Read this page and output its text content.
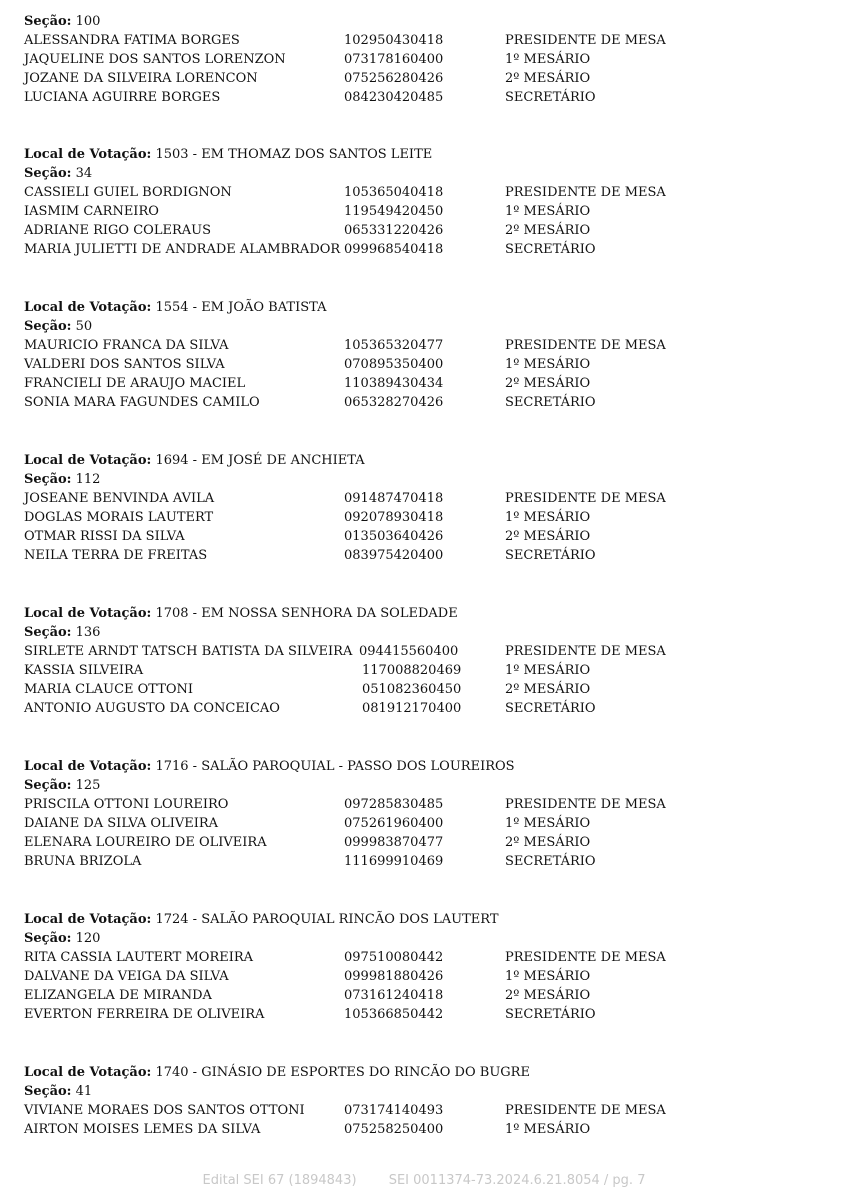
Seção: 100
ALESSANDRA FATIMA BORGES	102950430418	PRESIDENTE DE MESA
JAQUELINE DOS SANTOS LORENZON	073178160400	1º MESÁRIO
JOZANE DA SILVEIRA LORENCON	075256280426	2º MESÁRIO
LUCIANA AGUIRRE BORGES	084230420485	SECRETÁRIO
Local de Votação: 1503 - EM THOMAZ DOS SANTOS LEITE
Seção: 34
CASSIELI GUIEL BORDIGNON	105365040418	PRESIDENTE DE MESA
IASMIM CARNEIRO	119549420450	1º MESÁRIO
ADRIANE RIGO COLERAUS	065331220426	2º MESÁRIO
MARIA JULIETTI DE ANDRADE ALAMBRADOR 099968540418	SECRETÁRIO
Local de Votação: 1554 - EM JOÃO BATISTA
Seção: 50
MAURICIO FRANCA DA SILVA	105365320477	PRESIDENTE DE MESA
VALDERI DOS SANTOS SILVA	070895350400	1º MESÁRIO
FRANCIELI DE ARAUJO MACIEL	110389430434	2º MESÁRIO
SONIA MARA FAGUNDES CAMILO	065328270426	SECRETÁRIO
Local de Votação: 1694 - EM JOSÉ DE ANCHIETA
Seção: 112
JOSEANE BENVINDA AVILA	091487470418	PRESIDENTE DE MESA
DOGLAS MORAIS LAUTERT	092078930418	1º MESÁRIO
OTMAR RISSI DA SILVA	013503640426	2º MESÁRIO
NEILA TERRA DE FREITAS	083975420400	SECRETÁRIO
Local de Votação: 1708 - EM NOSSA SENHORA DA SOLEDADE
Seção: 136
SIRLETE ARNDT TATSCH BATISTA DA SILVEIRA 094415560400	PRESIDENTE DE MESA
KASSIA SILVEIRA	117008820469	1º MESÁRIO
MARIA CLAUCE OTTONI	051082360450	2º MESÁRIO
ANTONIO AUGUSTO DA CONCEICAO	081912170400	SECRETÁRIO
Local de Votação: 1716 - SALÃO PAROQUIAL - PASSO DOS LOUREIROS
Seção: 125
PRISCILA OTTONI LOUREIRO	097285830485	PRESIDENTE DE MESA
DAIANE DA SILVA OLIVEIRA	075261960400	1º MESÁRIO
ELENARA LOUREIRO DE OLIVEIRA	099983870477	2º MESÁRIO
BRUNA BRIZOLA	111699910469	SECRETÁRIO
Local de Votação: 1724 - SALÃO PAROQUIAL RINCÃO DOS LAUTERT
Seção: 120
RITA CASSIA LAUTERT MOREIRA	097510080442	PRESIDENTE DE MESA
DALVANE DA VEIGA DA SILVA	099981880426	1º MESÁRIO
ELIZANGELA DE MIRANDA	073161240418	2º MESÁRIO
EVERTON FERREIRA DE OLIVEIRA	105366850442	SECRETÁRIO
Local de Votação: 1740 - GINÁSIO DE ESPORTES DO RINCÃO DO BUGRE
Seção: 41
VIVIANE MORAES DOS SANTOS OTTONI	073174140493	PRESIDENTE DE MESA
AIRTON MOISES LEMES DA SILVA	075258250400	1º MESÁRIO
Edital SEI 67 (1894843) SEI 0011374-73.2024.6.21.8054 / pg. 7
